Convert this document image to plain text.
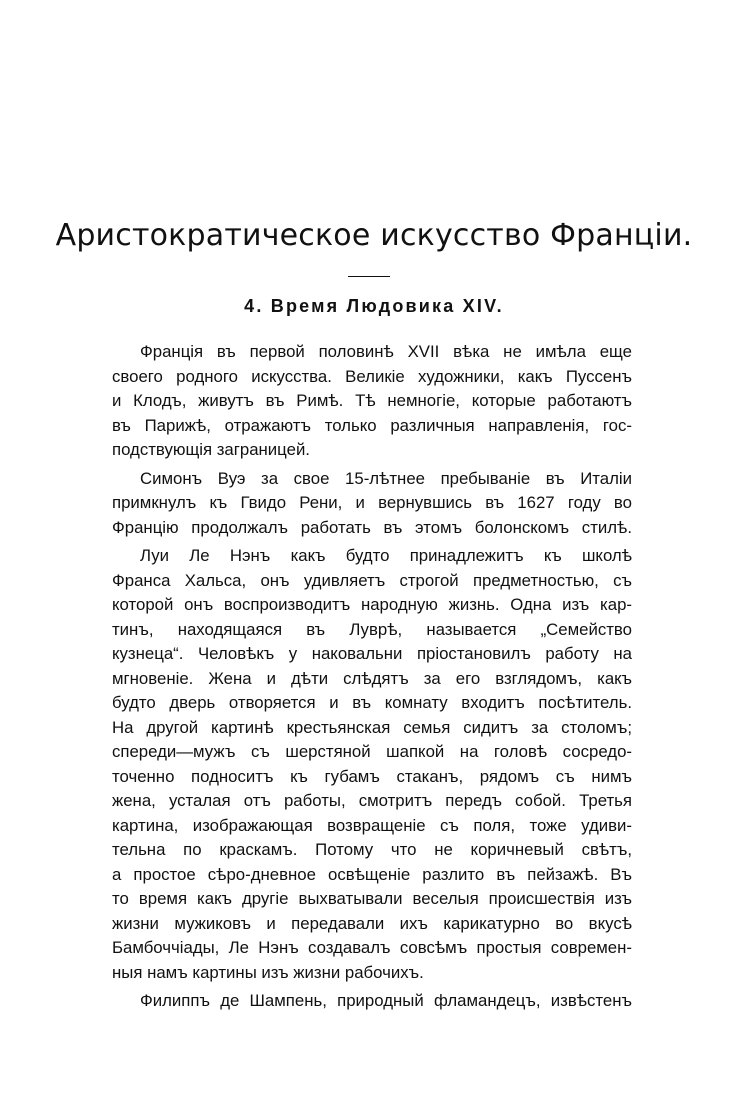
Аристократическое искусство Франціи.
4. Время Людовика XIV.
Франція въ первой половинѣ XVII вѣка не имѣла еще
своего родного искусства. Великіе художники, какъ Пуссенъ
и Клодъ, живутъ въ Римѣ. Тѣ немногіе, которые работаютъ
въ Парижѣ, отражаютъ только различныя направленія, гос-
подствующія заграницей.
Симонъ Вуэ за свое 15-лѣтнее пребываніе въ Италіи
примкнулъ къ Гвидо Рени, и вернувшись въ 1627 году во
Францію продолжалъ работать въ этомъ болонскомъ стилѣ.
Луи Ле Нэнъ какъ будто принадлежитъ къ школѣ
Франса Хальса, онъ удивляетъ строгой предметностью, съ
которой онъ воспроизводитъ народную жизнь. Одна изъ кар-
тинъ, находящаяся въ Луврѣ, называется „Семейство
кузнеца“. Человѣкъ у наковальни пріостановилъ работу на
мгновеніе. Жена и дѣти слѣдятъ за его взглядомъ, какъ
будто дверь отворяется и въ комнату входитъ посѣтитель.
На другой картинѣ крестьянская семья сидитъ за столомъ;
спереди—мужъ съ шерстяной шапкой на головѣ сосредо-
точенно подноситъ къ губамъ стаканъ, рядомъ съ нимъ
жена, усталая отъ работы, смотритъ передъ собой. Третья
картина, изображающая возвращеніе съ поля, тоже удиви-
тельна по краскамъ. Потому что не коричневый свѣтъ,
а простое сѣро-дневное освѣщеніе разлито въ пейзажѣ. Въ
то время какъ другіе выхватывали веселыя происшествія изъ
жизни мужиковъ и передавали ихъ карикатурно во вкусѣ
Бамбоччіады, Ле Нэнъ создавалъ совсѣмъ простыя современ-
ныя намъ картины изъ жизни рабочихъ.
Филиппъ де Шампень, природный фламандецъ, извѣстенъ
